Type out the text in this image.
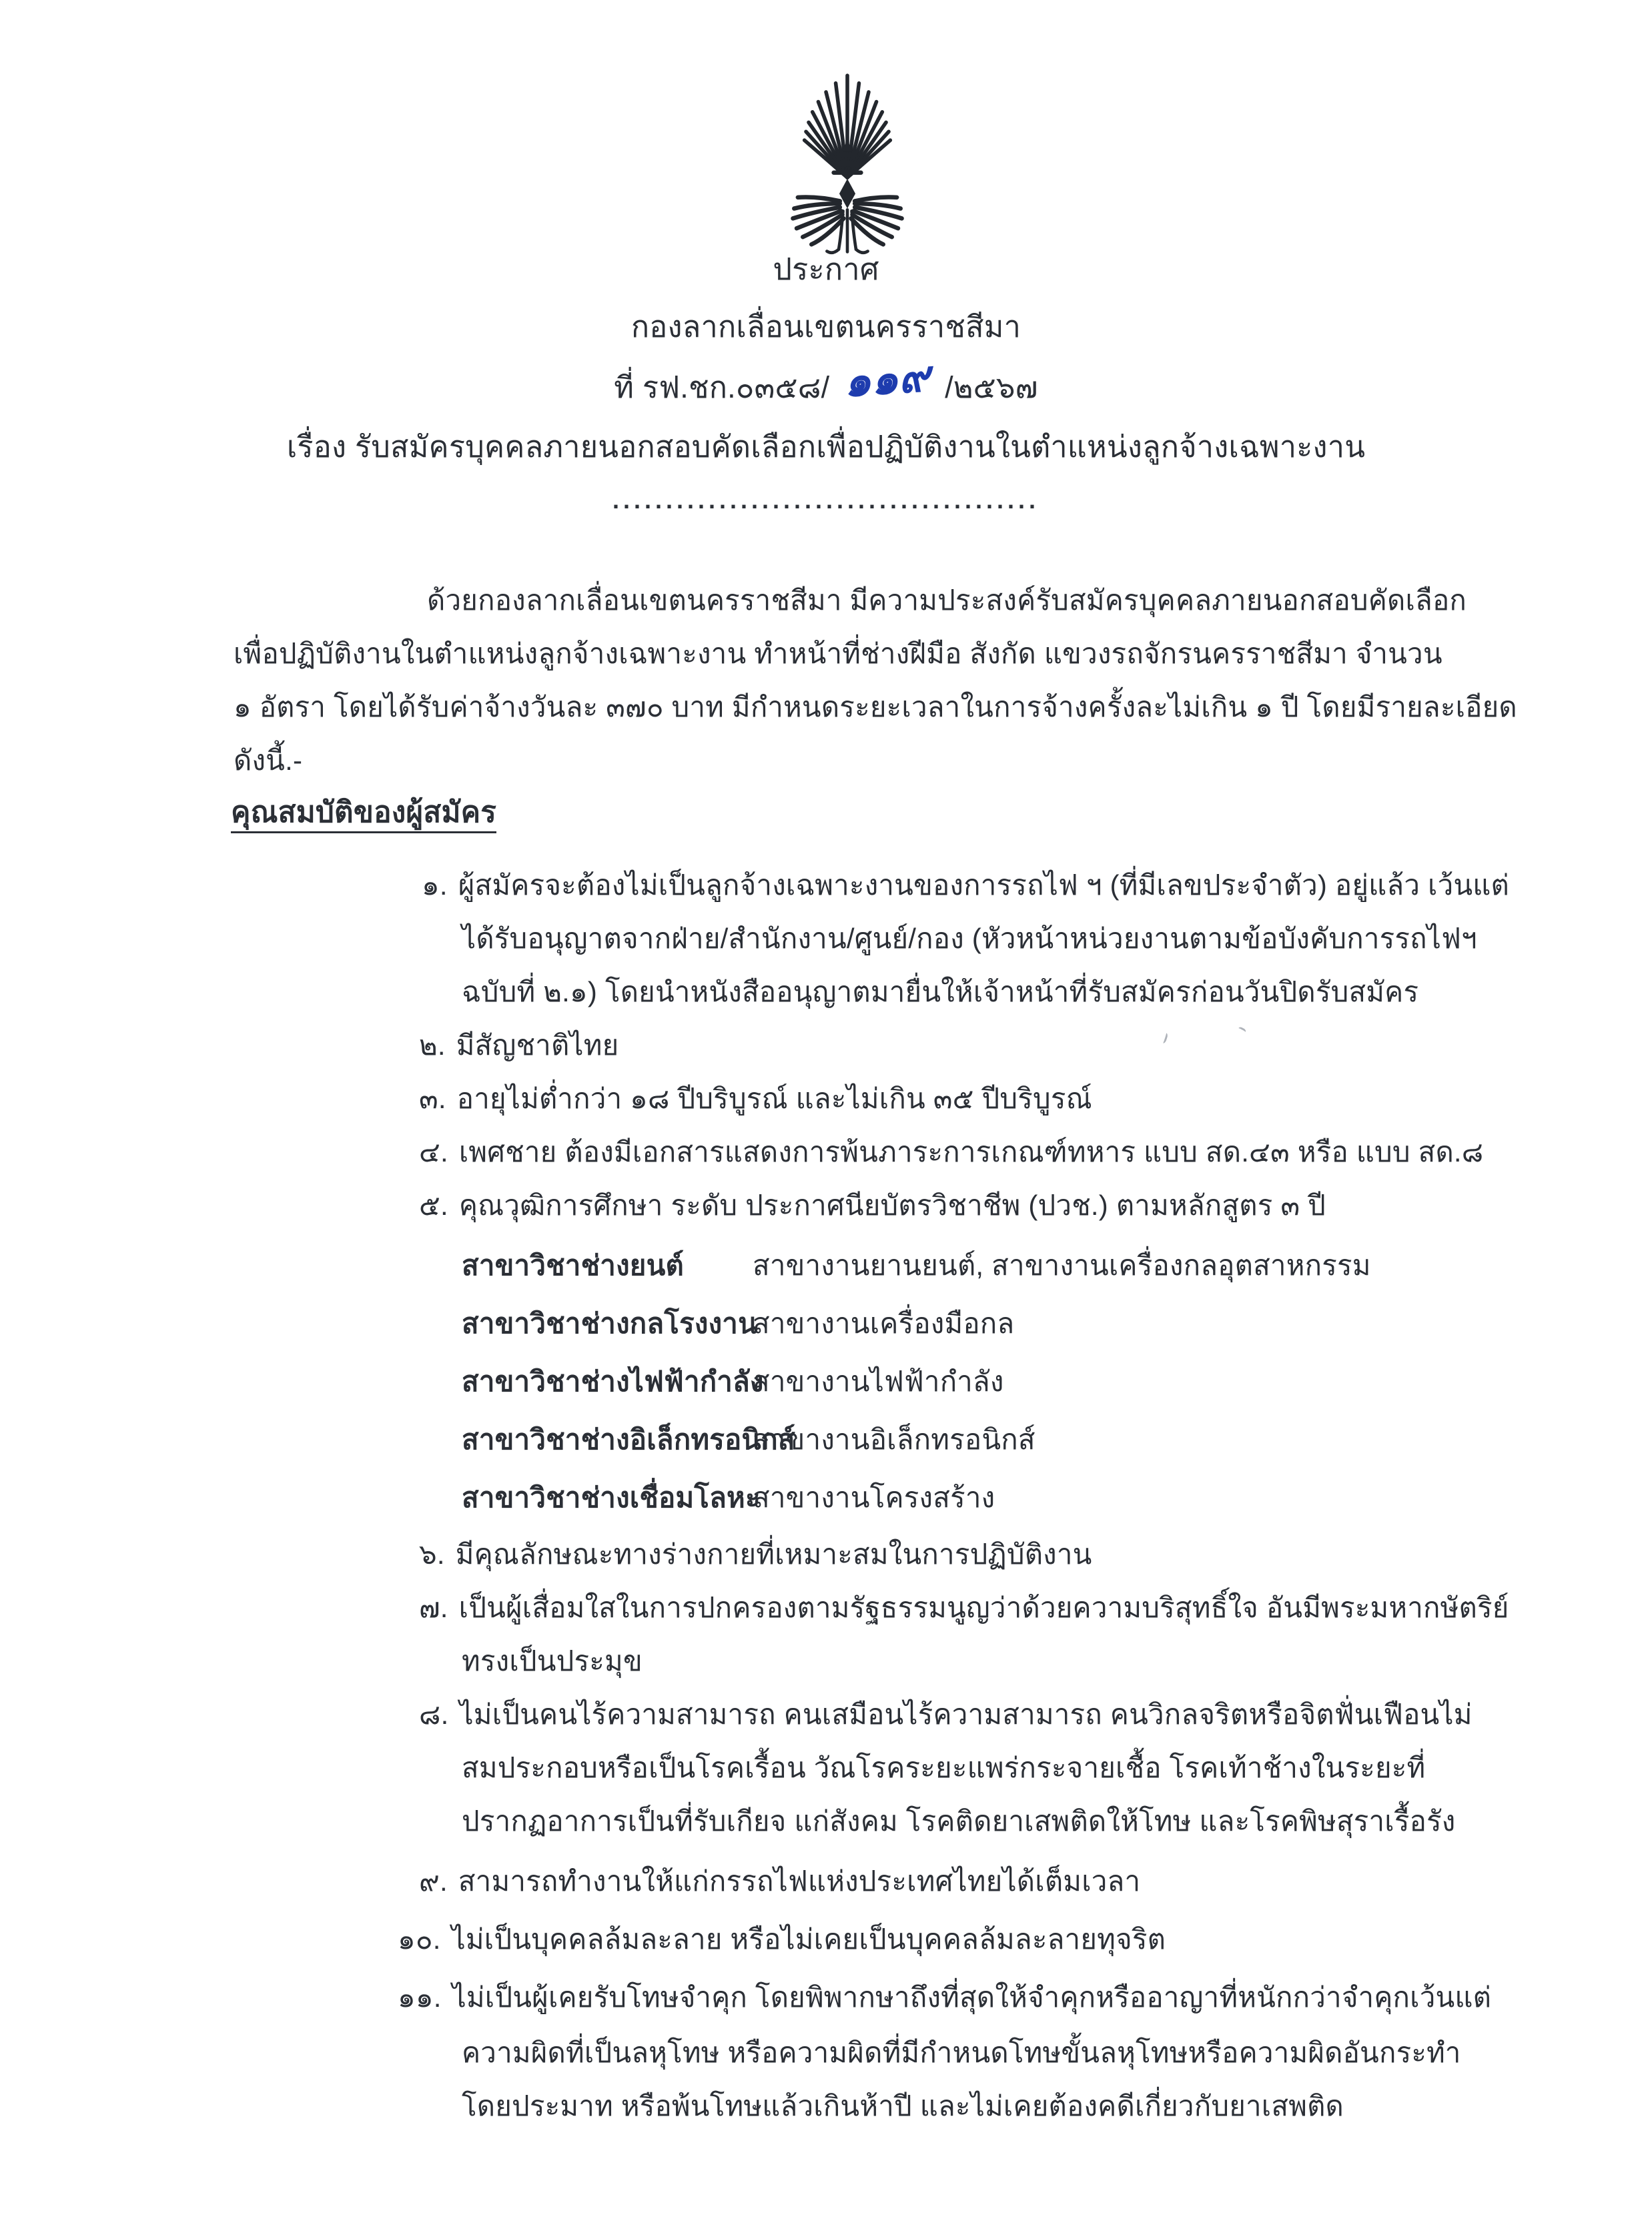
ประกาศ
กองลากเลื่อนเขตนครราชสีมา
ที่ รฟ.ชก.๐๓๕๘/ ๑๑๙ /๒๕๖๗
เรื่อง รับสมัครบุคคลภายนอกสอบคัดเลือกเพื่อปฏิบัติงานในตำแหน่งลูกจ้างเฉพาะงาน
........................................
ด้วยกองลากเลื่อนเขตนครราชสีมา มีความประสงค์รับสมัครบุคคลภายนอกสอบคัดเลือก
เพื่อปฏิบัติงานในตำแหน่งลูกจ้างเฉพาะงาน ทำหน้าที่ช่างฝีมือ สังกัด แขวงรถจักรนครราชสีมา จำนวน
๑ อัตรา โดยได้รับค่าจ้างวันละ ๓๗๐ บาท มีกำหนดระยะเวลาในการจ้างครั้งละไม่เกิน ๑ ปี โดยมีรายละเอียด
ดังนี้.-
คุณสมบัติของผู้สมัคร
๑. ผู้สมัครจะต้องไม่เป็นลูกจ้างเฉพาะงานของการรถไฟ ฯ (ที่มีเลขประจำตัว) อยู่แล้ว เว้นแต่
ได้รับอนุญาตจากฝ่าย/สำนักงาน/ศูนย์/กอง (หัวหน้าหน่วยงานตามข้อบังคับการรถไฟฯ
ฉบับที่ ๒.๑) โดยนำหนังสืออนุญาตมายื่นให้เจ้าหน้าที่รับสมัครก่อนวันปิดรับสมัคร
๒. มีสัญชาติไทย
๓. อายุไม่ต่ำกว่า ๑๘ ปีบริบูรณ์ และไม่เกิน ๓๕ ปีบริบูรณ์
๔. เพศชาย ต้องมีเอกสารแสดงการพ้นภาระการเกณฑ์ทหาร แบบ สด.๔๓ หรือ แบบ สด.๘
๕. คุณวุฒิการศึกษา ระดับ ประกาศนียบัตรวิชาชีพ (ปวช.) ตามหลักสูตร ๓ ปี
สาขาวิชาช่างยนต์ สาขางานยานยนต์, สาขางานเครื่องกลอุตสาหกรรม
สาขาวิชาช่างกลโรงงาน
สาขางานเครื่องมือกล
สาขาวิชาช่างไฟฟ้ากำลัง
สาขางานไฟฟ้ากำลัง
สาขาวิชาช่างอิเล็กทรอนิกส์
สาขางานอิเล็กทรอนิกส์
สาขาวิชาช่างเชื่อมโลหะ
สาขางานโครงสร้าง
๖. มีคุณลักษณะทางร่างกายที่เหมาะสมในการปฏิบัติงาน
๗. เป็นผู้เสื่อมใสในการปกครองตามรัฐธรรมนูญว่าด้วยความบริสุทธิ์ใจ อันมีพระมหากษัตริย์
ทรงเป็นประมุข
๘. ไม่เป็นคนไร้ความสามารถ คนเสมือนไร้ความสามารถ คนวิกลจริตหรือจิตฟั่นเฟือนไม่
สมประกอบหรือเป็นโรคเรื้อน วัณโรคระยะแพร่กระจายเชื้อ โรคเท้าช้างในระยะที่
ปรากฏอาการเป็นที่รับเกียจ แก่สังคม โรคติดยาเสพติดให้โทษ และโรคพิษสุราเรื้อรัง
๙. สามารถทำงานให้แก่กรรถไฟแห่งประเทศไทยได้เต็มเวลา
๑๐. ไม่เป็นบุคคลล้มละลาย หรือไม่เคยเป็นบุคคลล้มละลายทุจริต
๑๑. ไม่เป็นผู้เคยรับโทษจำคุก โดยพิพากษาถึงที่สุดให้จำคุกหรืออาญาที่หนักกว่าจำคุกเว้นแต่
ความผิดที่เป็นลหุโทษ หรือความผิดที่มีกำหนดโทษขั้นลหุโทษหรือความผิดอันกระทำ
โดยประมาท หรือพ้นโทษแล้วเกินห้าปี และไม่เคยต้องคดีเกี่ยวกับยาเสพติด
